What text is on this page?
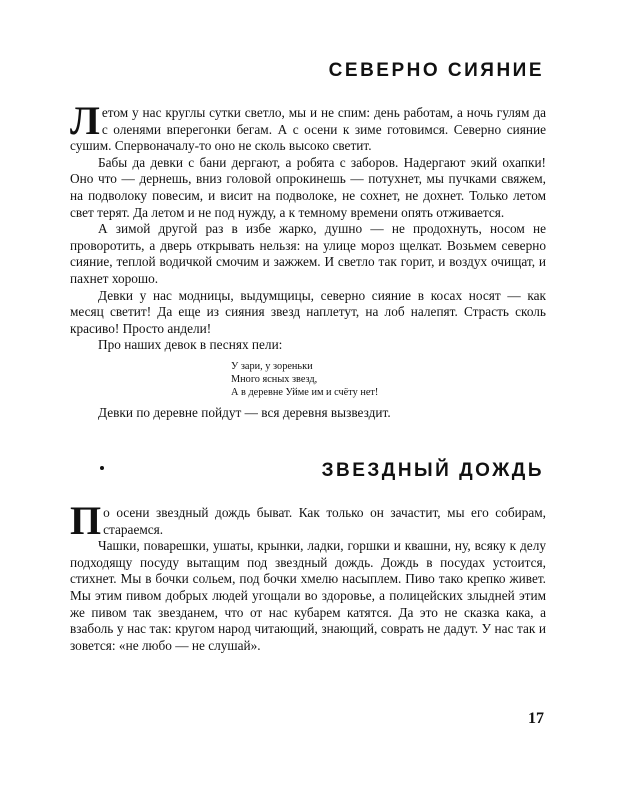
СЕВЕРНО СИЯНИЕ

Летом у нас круглы сутки светло, мы и не спим: день работам, а ночь гулям да с оленями вперегонки бегам. А с осени к зиме готовимся. Северно сияние сушим. Спервоначалу-то оно не сколь высоко светит.

Бабы да девки с бани дергают, а робята с заборов. Надергают экий охапки! Оно что — дернешь, вниз головой опрокинешь — потухнет, мы пучками свяжем, на подволоку повесим, и висит на подволоке, не сохнет, не дохнет. Только летом свет терят. Да летом и не под нужду, а к темному времени опять отживается.

А зимой другой раз в избе жарко, душно — не продохнуть, носом не проворотить, а дверь открывать нельзя: на улице мороз щелкат. Возьмем северно сияние, теплой водичкой смочим и зажжем. И светло так горит, и воздух очищат, и пахнет хорошо.

Девки у нас модницы, выдумщицы, северно сияние в косах носят — как месяц светит! Да еще из сияния звезд наплетут, на лоб налепят. Страсть сколь красиво! Просто андели!

Про наших девок в песнях пели:

У зари, у зореньки
Много ясных звезд,
А в деревне Уйме им и счёту нет!

Девки по деревне пойдут — вся деревня вызвездит.

ЗВЕЗДНЫЙ ДОЖДЬ

По осени звездный дождь быват. Как только он зачастит, мы его собирам, стараемся.

Чашки, поварешки, ушаты, крынки, ладки, горшки и квашни, ну, всяку к делу подходящу посуду вытащим под звездный дождь. Дождь в посудах устоится, стихнет. Мы в бочки сольем, под бочки хмелю насыплем. Пиво тако крепко живет. Мы этим пивом добрых людей угощали во здоровье, а полицейских злыдней этим же пивом так звезданем, что от нас кубарем катятся. Да это не сказка кака, а взаболь у нас так: кругом народ читающий, знающий, соврать не дадут. У нас так и зовется: «не любо — не слушай».

17
